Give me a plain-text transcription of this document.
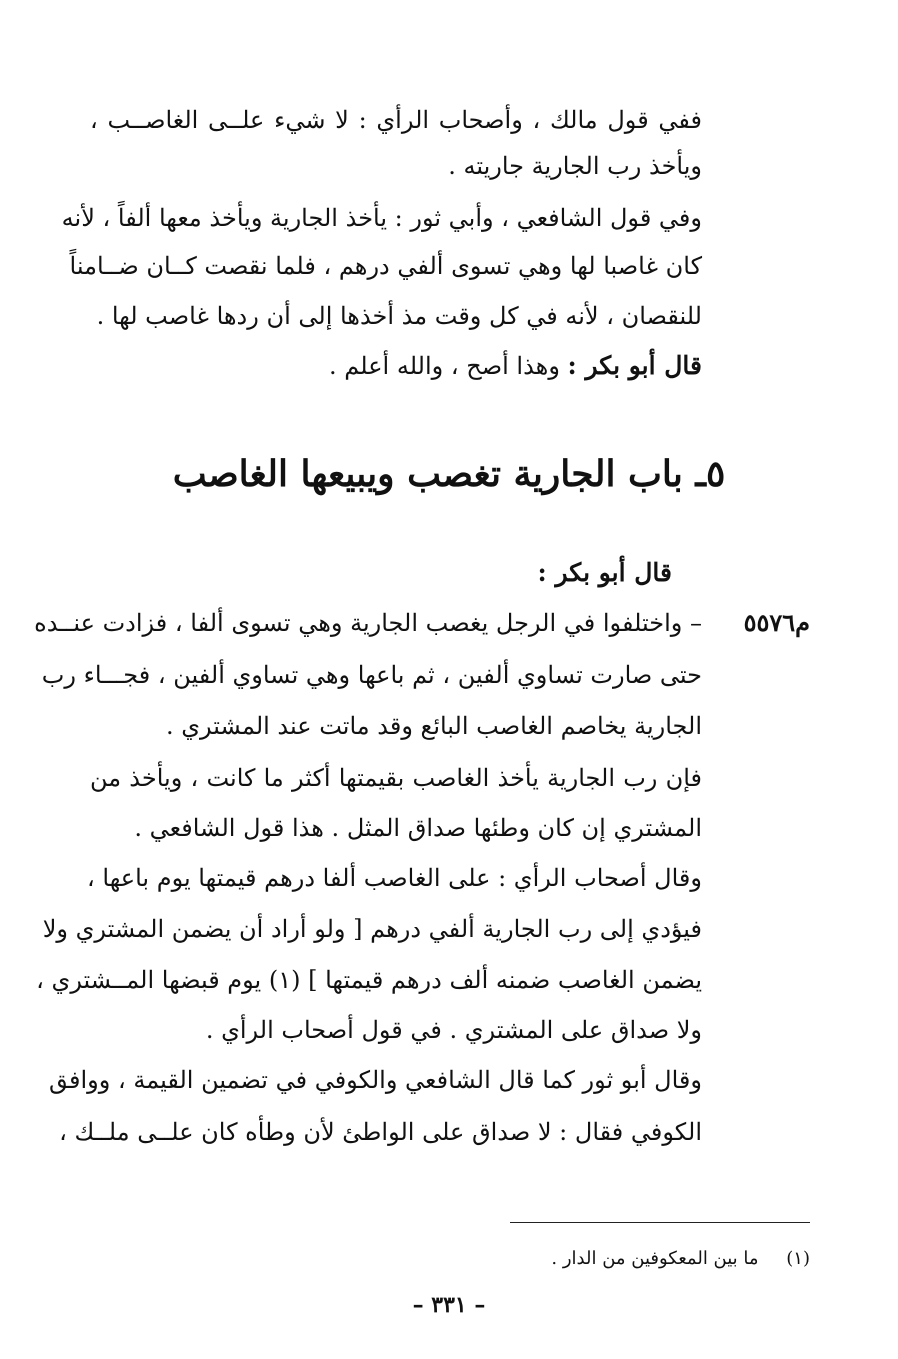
ففي قول مالك ، وأصحاب الرأي : لا شيء علــى الغاصــب ،
ويأخذ رب الجارية جاريته .
وفي قول الشافعي ، وأبي ثور : يأخذ الجارية ويأخذ معها ألفاً ، لأنه
كان غاصبا لها وهي تسوى ألفي درهم ، فلما نقصت كــان ضــامناً
للنقصان ، لأنه في كل وقت مذ أخذها إلى أن ردها غاصب لها .
قال أبو بكر : وهذا أصح ، والله أعلم .
٥ـ باب الجارية تغصب ويبيعها الغاصب
قال أبو بكر :
م٥٥٧٦
– واختلفوا في الرجل يغصب الجارية وهي تسوى ألفا ، فزادت عنــده
حتى صارت تساوي ألفين ، ثم باعها وهي تساوي ألفين ، فجـــاء رب
الجارية يخاصم الغاصب البائع وقد ماتت عند المشتري .
فإن رب الجارية يأخذ الغاصب بقيمتها أكثر ما كانت ، ويأخذ من
المشتري إن كان وطئها صداق المثل . هذا قول الشافعي .
وقال أصحاب الرأي : على الغاصب ألفا درهم قيمتها يوم باعها ،
فيؤدي إلى رب الجارية ألفي درهم [ ولو أراد أن يضمن المشتري ولا
يضمن الغاصب ضمنه ألف درهم قيمتها ] (١) يوم قبضها المــشتري ،
ولا صداق على المشتري . في قول أصحاب الرأي .
وقال أبو ثور كما قال الشافعي والكوفي في تضمين القيمة ، ووافق
الكوفي فقال : لا صداق على الواطئ لأن وطأه كان علــى ملــك ،
(١) ما بين المعكوفين من الدار .
– ٣٣١ –
